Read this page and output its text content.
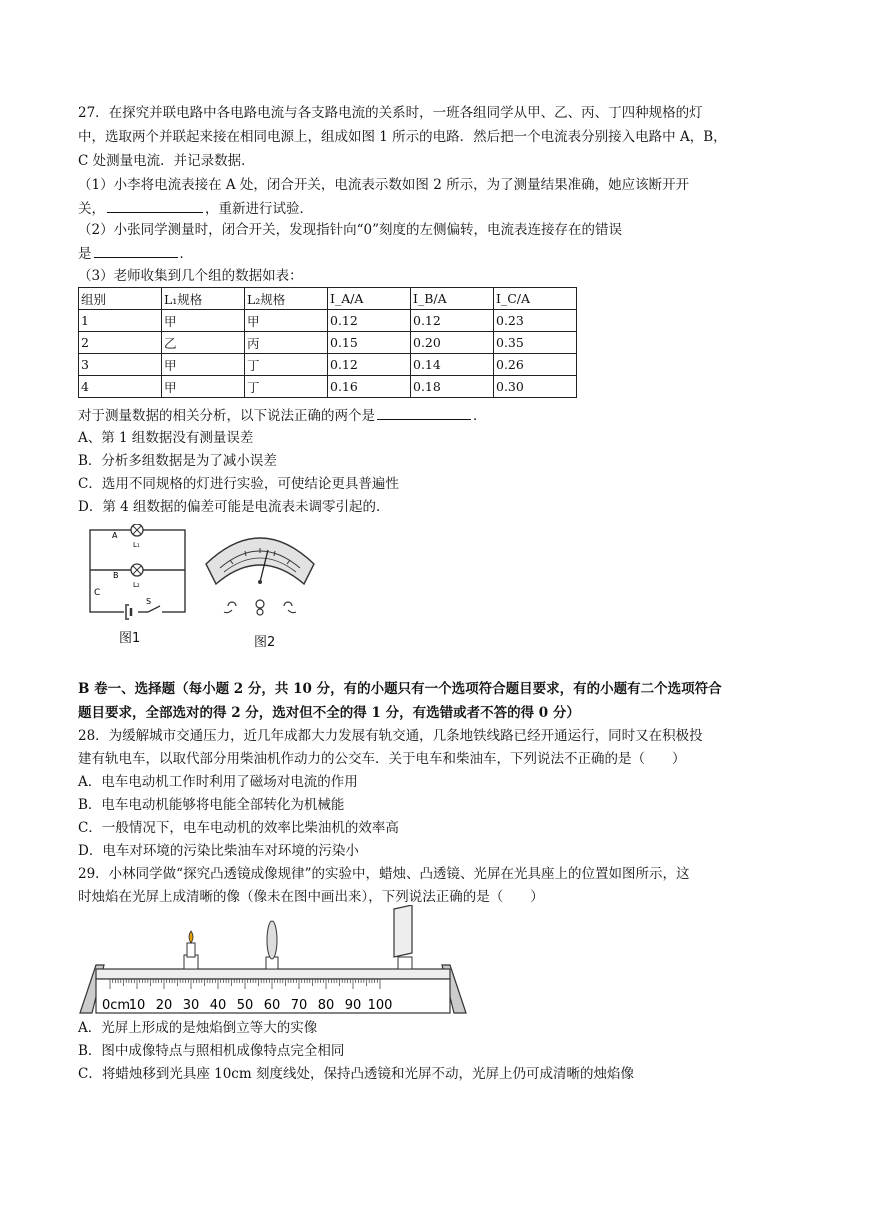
27．在探究并联电路中各电路电流与各支路电流的关系时，一班各组同学从甲、乙、丙、丁四种规格的灯
中，选取两个并联起来接在相同电源上，组成如图 1 所示的电路．然后把一个电流表分别接入电路中 A，B，
C 处测量电流．并记录数据．
（1）小李将电流表接在 A 处，闭合开关，电流表示数如图 2 所示，为了测量结果准确，她应该断开开
关，	，重新进行试验．
（2）小张同学测量时，闭合开关，发现指针向“0”刻度的左侧偏转，电流表连接存在的错误
是	．
（3）老师收集到几个组的数据如表：
组别	L₁规格	L₂规格	I_A/A	I_B/A	I_C/A
1	甲	甲	0.12	0.12	0.23
2	乙	丙	0.15	0.20	0.35
3	甲	丁	0.12	0.14	0.26
4	甲	丁	0.16	0.18	0.30
对于测量数据的相关分析，以下说法正确的两个是	．
A、第 1 组数据没有测量误差
B．分析多组数据是为了减小误差
C．选用不同规格的灯进行实验，可使结论更具普遍性
D．第 4 组数据的偏差可能是电流表未调零引起的．
A
B
C
S
L₁
L₂
图1	图2
B 卷一、选择题（每小题 2 分，共 10 分，有的小题只有一个选项符合题目要求，有的小题有二个选项符合
题目要求，全部选对的得 2 分，选对但不全的得 1 分，有选错或者不答的得 0 分）
28．为缓解城市交通压力，近几年成都大力发展有轨交通，几条地铁线路已经开通运行，同时又在积极投
建有轨电车，以取代部分用柴油机作动力的公交车．关于电车和柴油车，下列说法不正确的是（　　）
A．电车电动机工作时利用了磁场对电流的作用
B．电车电动机能够将电能全部转化为机械能
C．一般情况下，电车电动机的效率比柴油机的效率高
D．电车对环境的污染比柴油车对环境的污染小
29．小林同学做“探究凸透镜成像规律”的实验中，蜡烛、凸透镜、光屏在光具座上的位置如图所示，这
时烛焰在光屏上成清晰的像（像未在图中画出来），下列说法正确的是（　　）
0cm
10 20 30 40 50 60 70 80 90 100
A．光屏上形成的是烛焰倒立等大的实像
B．图中成像特点与照相机成像特点完全相同
C．将蜡烛移到光具座 10cm 刻度线处，保持凸透镜和光屏不动，光屏上仍可成清晰的烛焰像
